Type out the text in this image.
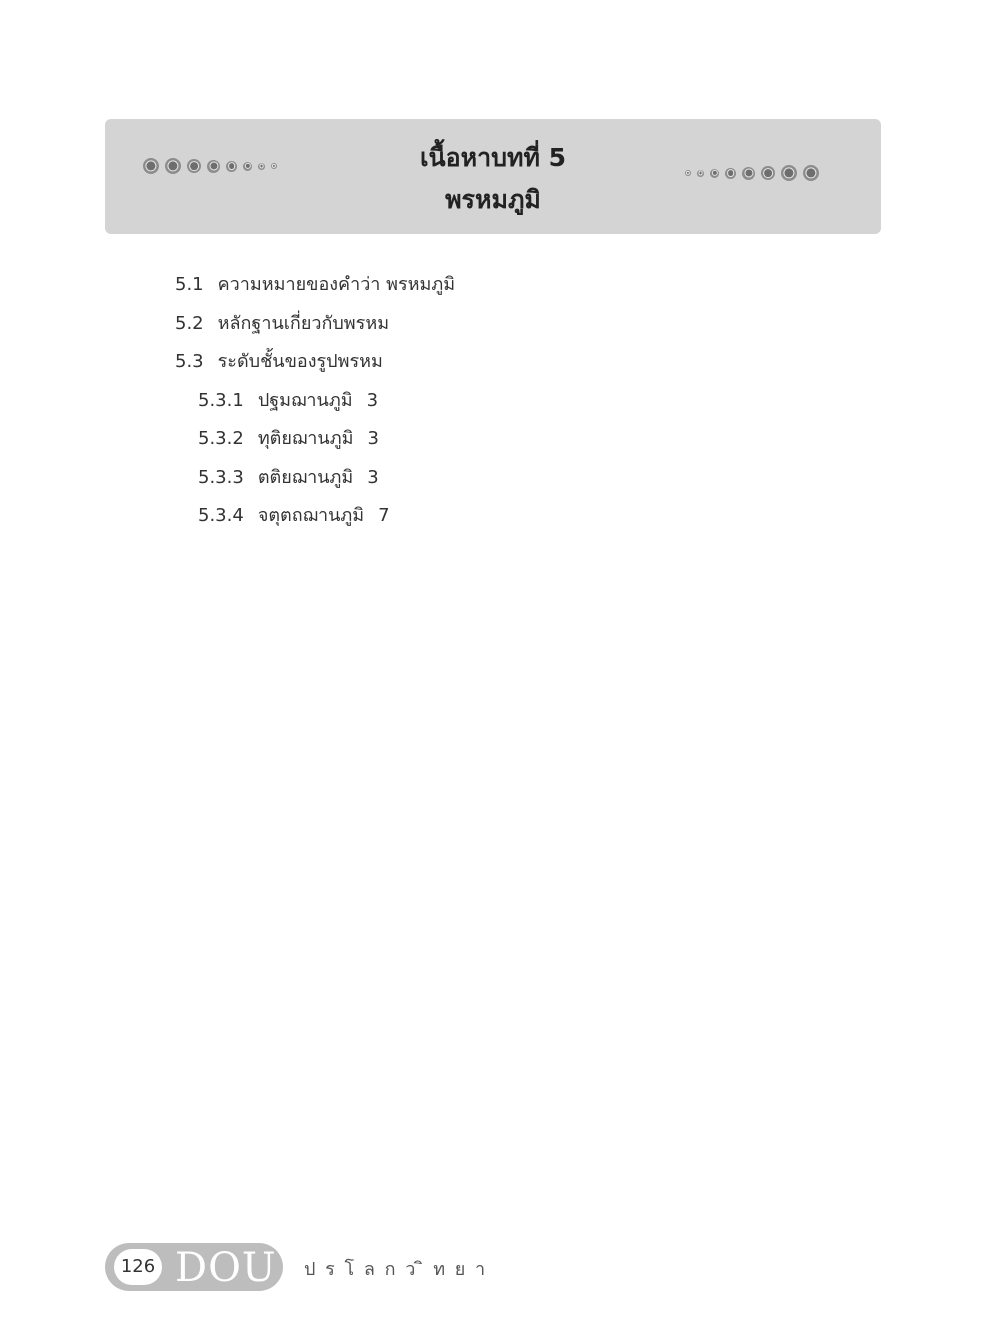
เนื้อหาบทที่ 5
พรหมภูมิ
5.1 ความหมายของคำว่า พรหมภูมิ
5.2 หลักฐานเกี่ยวกับพรหม
5.3 ระดับชั้นของรูปพรหม
5.3.1 ปฐมฌานภูมิ 3
5.3.2 ทุติยฌานภูมิ 3
5.3.3 ตติยฌานภูมิ 3
5.3.4 จตุตถฌานภูมิ 7
126 DOU ป ร โ ล ก ว ิ ท ย า
